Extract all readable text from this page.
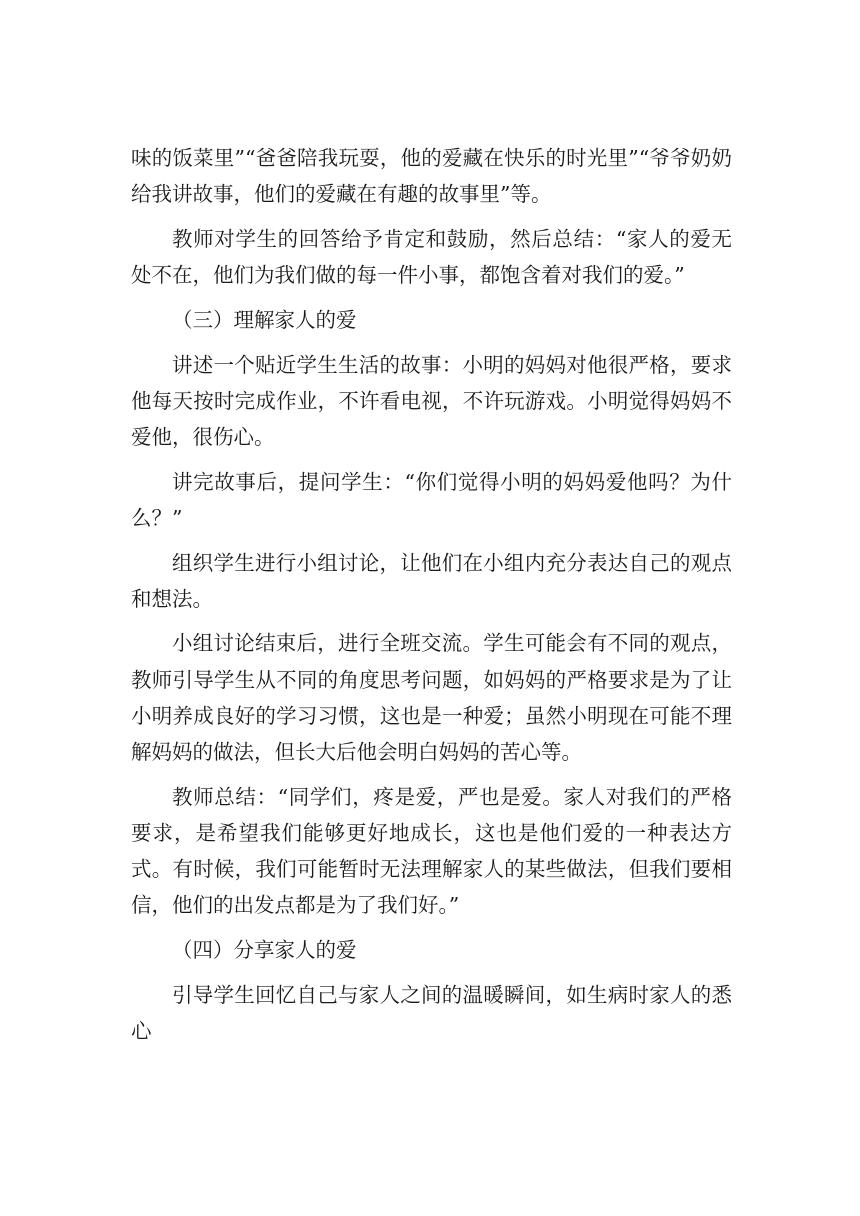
味的饭菜里”“爸爸陪我玩耍，他的爱藏在快乐的时光里”“爷爷奶奶给我讲故事，他们的爱藏在有趣的故事里”等。

教师对学生的回答给予肯定和鼓励，然后总结：“家人的爱无处不在，他们为我们做的每一件小事，都饱含着对我们的爱。”

（三）理解家人的爱

讲述一个贴近学生生活的故事：小明的妈妈对他很严格，要求他每天按时完成作业，不许看电视，不许玩游戏。小明觉得妈妈不爱他，很伤心。

讲完故事后，提问学生：“你们觉得小明的妈妈爱他吗？为什么？”

组织学生进行小组讨论，让他们在小组内充分表达自己的观点和想法。

小组讨论结束后，进行全班交流。学生可能会有不同的观点，教师引导学生从不同的角度思考问题，如妈妈的严格要求是为了让小明养成良好的学习习惯，这也是一种爱；虽然小明现在可能不理解妈妈的做法，但长大后他会明白妈妈的苦心等。

教师总结：“同学们，疼是爱，严也是爱。家人对我们的严格要求，是希望我们能够更好地成长，这也是他们爱的一种表达方式。有时候，我们可能暂时无法理解家人的某些做法，但我们要相信，他们的出发点都是为了我们好。”

（四）分享家人的爱

引导学生回忆自己与家人之间的温暖瞬间，如生病时家人的悉心
